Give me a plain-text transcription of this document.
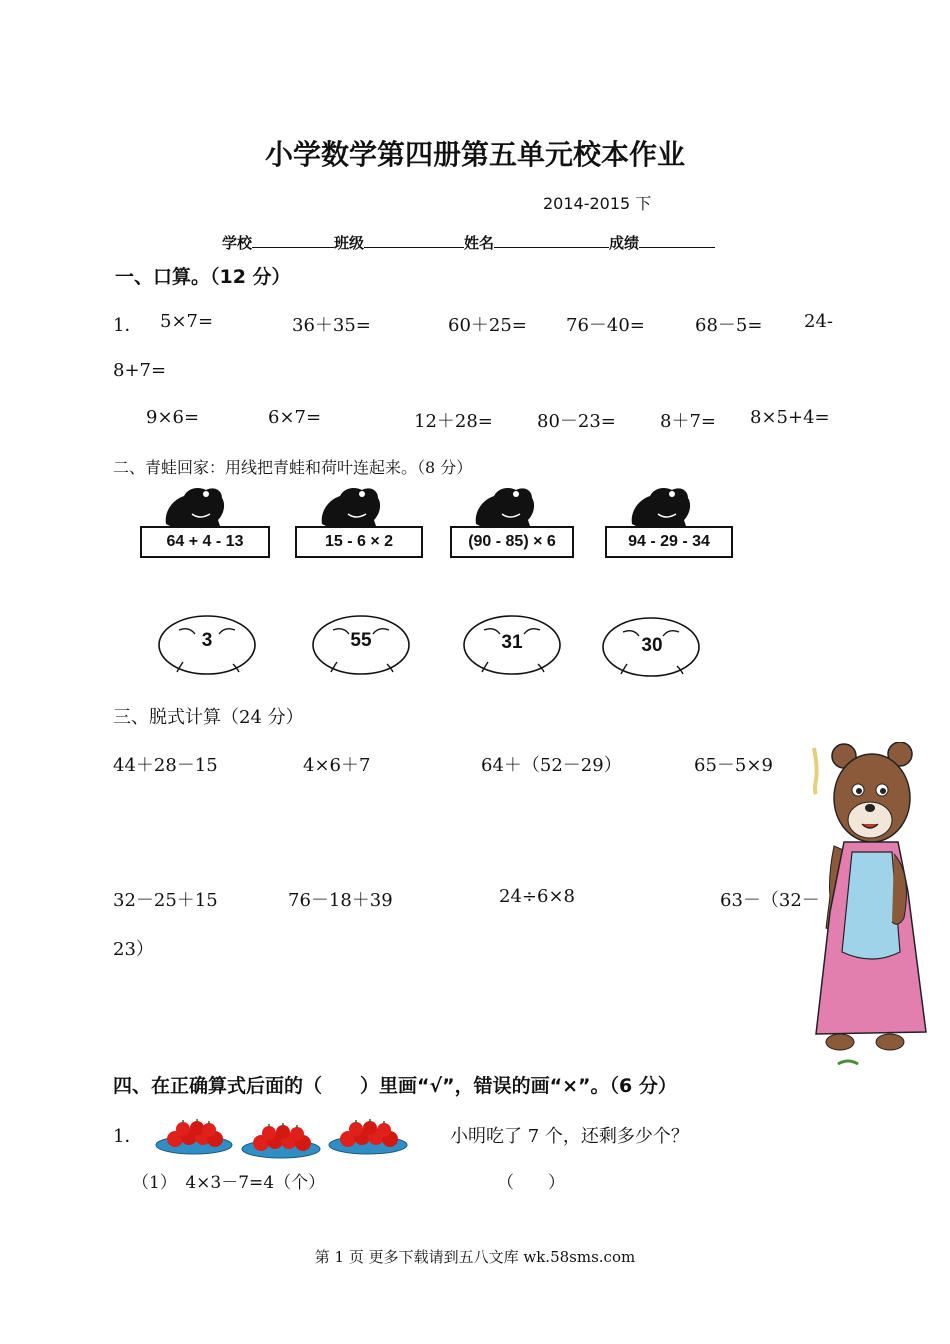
小学数学第四册第五单元校本作业
2014-2015 下
学校	班级	姓名	成绩
一、口算。（12 分）
1． 5×7=	36＋35=	60＋25= 76－40=	68－5= 24-
8+7=
9×6=	6×7=	12＋28= 80－23= 8＋7= 8×5+4=
二、青蛙回家：用线把青蛙和荷叶连起来。（8 分）
64 + 4 - 13	15 - 6 × 2	(90 - 85) × 6	94 - 29 - 34
3	55	31	30
三、脱式计算（24 分）
44＋28－15	4×6＋7	64＋（52－29）	65－5×9
32－25＋15	76－18＋39	24÷6×8	63－（32－
23）
四、在正确算式后面的（　　）里画“√”，错误的画“×”。（6 分）
1．	小明吃了 7 个，还剩多少个？
（1）　4×3－7=4（个）	（　　）
第 1 页 更多下载请到五八文库 wk.58sms.com
